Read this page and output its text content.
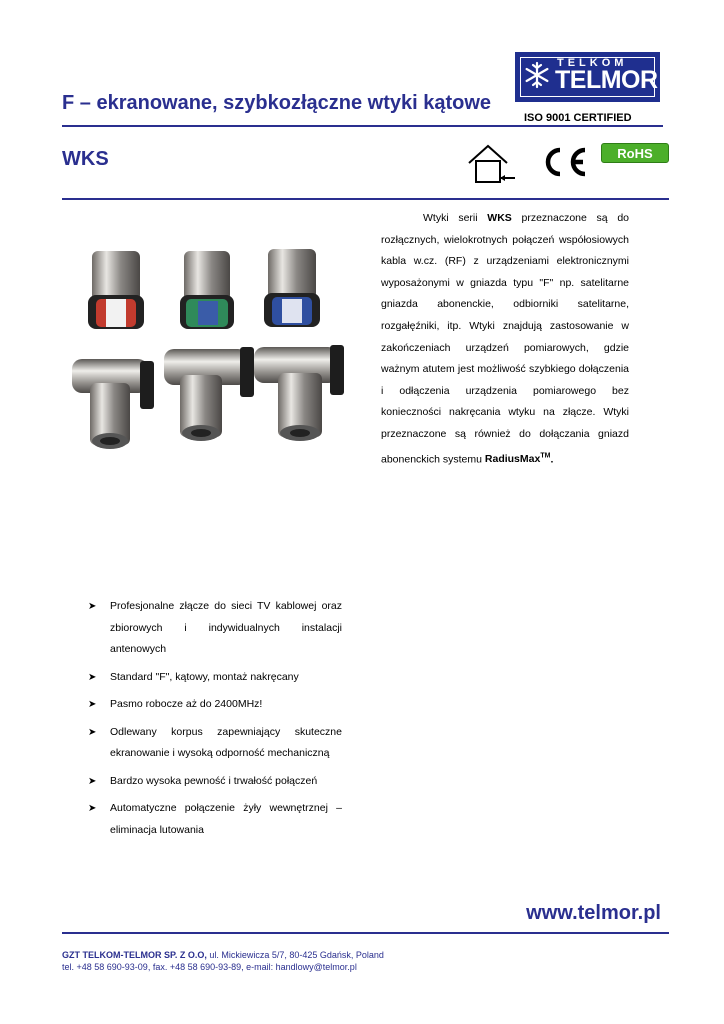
TELKOM
TELMOR
ISO 9001 CERTIFIED
F – ekranowane, szybkozłączne wtyki kątowe
WKS	RoHS
Wtyki serii WKS przeznaczone są do rozłącznych, wielokrotnych połączeń współosiowych kabla w.cz. (RF) z urządzeniami elektronicznymi wyposażonymi w gniazda typu "F" np. satelitarne gniazda abonenckie, odbiorniki satelitarne, rozgałęźniki, itp. Wtyki znajdują zastosowanie w zakończeniach urządzeń pomiarowych, gdzie ważnym atutem jest możliwość szybkiego dołączenia i odłączenia urządzenia pomiarowego bez konieczności nakręcania wtyku na złącze. Wtyki przeznaczone są również do dołączania gniazd abonenckich systemu RadiusMax™.
➤ Profesjonalne złącze do sieci TV kablowej oraz zbiorowych i indywidualnych instalacji antenowych
➤ Standard "F", kątowy, montaż nakręcany
➤ Pasmo robocze aż do 2400MHz!
➤ Odlewany korpus zapewniający skuteczne ekranowanie i wysoką odporność mechaniczną
➤ Bardzo wysoka pewność i trwałość połączeń
➤ Automatyczne połączenie żyły wewnętrznej – eliminacja lutowania
www.telmor.pl
GZT TELKOM-TELMOR SP. Z O.O, ul. Mickiewicza 5/7, 80-425 Gdańsk, Poland
tel. +48 58 690-93-09, fax. +48 58 690-93-89, e-mail: handlowy@telmor.pl
